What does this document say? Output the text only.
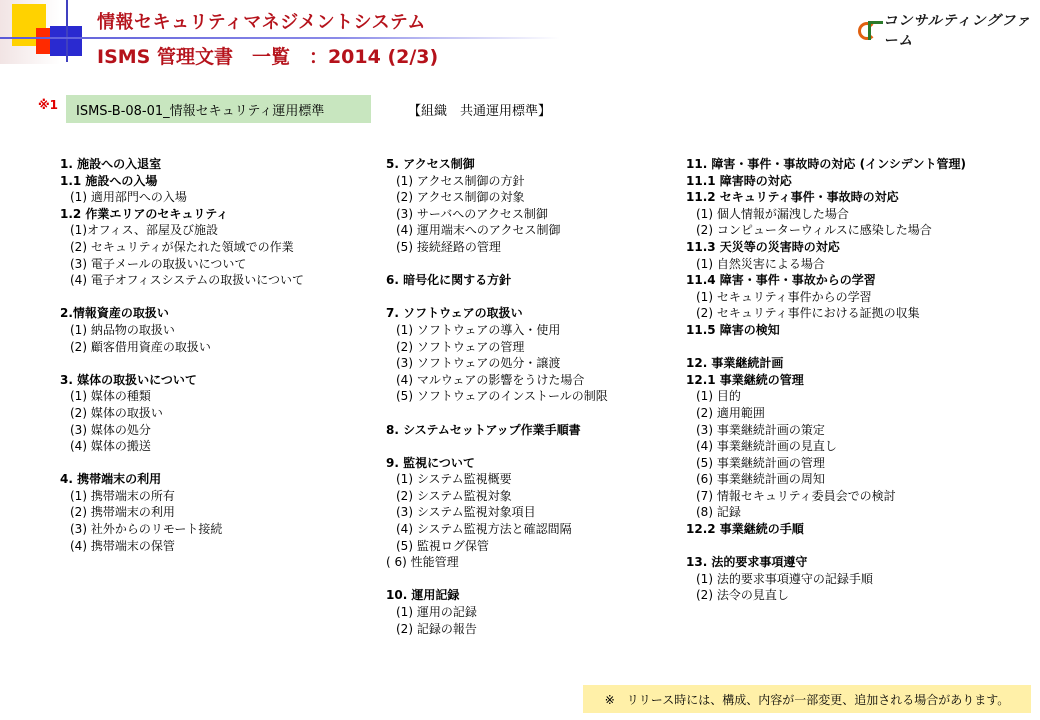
情報セキュリティマネジメントシステム
ISMS 管理文書　一覧　：2014 (2/3)
コンサルティングファーム
※1 ISMS-B-08-01_情報セキュリティ運用標準	【組織　共通運用標準】
1. 施設への入退室
1.1 施設への入場
(1) 適用部門への入場
1.2 作業エリアのセキュリティ
(1)オフィス、部屋及び施設
(2) セキュリティが保たれた領域での作業
(3) 電子メールの取扱いについて
(4) 電子オフィスシステムの取扱いについて
2.情報資産の取扱い
(1) 納品物の取扱い
(2) 顧客借用資産の取扱い
3. 媒体の取扱いについて
(1) 媒体の種類
(2) 媒体の取扱い
(3) 媒体の処分
(4) 媒体の搬送
4. 携帯端末の利用
(1) 携帯端末の所有
(2) 携帯端末の利用
(3) 社外からのリモート接続
(4) 携帯端末の保管
5. アクセス制御
(1) アクセス制御の方針
(2) アクセス制御の対象
(3) サーバへのアクセス制御
(4) 運用端末へのアクセス制御
(5) 接続経路の管理
6. 暗号化に関する方針
7. ソフトウェアの取扱い
(1) ソフトウェアの導入・使用
(2) ソフトウェアの管理
(3) ソフトウェアの処分・譲渡
(4) マルウェアの影響をうけた場合
(5) ソフトウェアのインストールの制限
8. システムセットアップ作業手順書
9. 監視について
(1) システム監視概要
(2) システム監視対象
(3) システム監視対象項目
(4) システム監視方法と確認間隔
(5) 監視ログ保管
( 6) 性能管理
10. 運用記録
(1) 運用の記録
(2) 記録の報告
11. 障害・事件・事故時の対応 (インシデント管理)
11.1 障害時の対応
11.2 セキュリティ事件・事故時の対応
(1) 個人情報が漏洩した場合
(2) コンピューターウィルスに感染した場合
11.3 天災等の災害時の対応
(1) 自然災害による場合
11.4 障害・事件・事故からの学習
(1) セキュリティ事件からの学習
(2) セキュリティ事件における証拠の収集
11.5 障害の検知
12. 事業継続計画
12.1 事業継続の管理
(1) 目的
(2) 適用範囲
(3) 事業継続計画の策定
(4) 事業継続計画の見直し
(5) 事業継続計画の管理
(6) 事業継続計画の周知
(7) 情報セキュリティ委員会での検討
(8) 記録
12.2 事業継続の手順
13. 法的要求事項遵守
(1) 法的要求事項遵守の記録手順
(2) 法令の見直し
※　リリース時には、構成、内容が一部変更、追加される場合があります。
